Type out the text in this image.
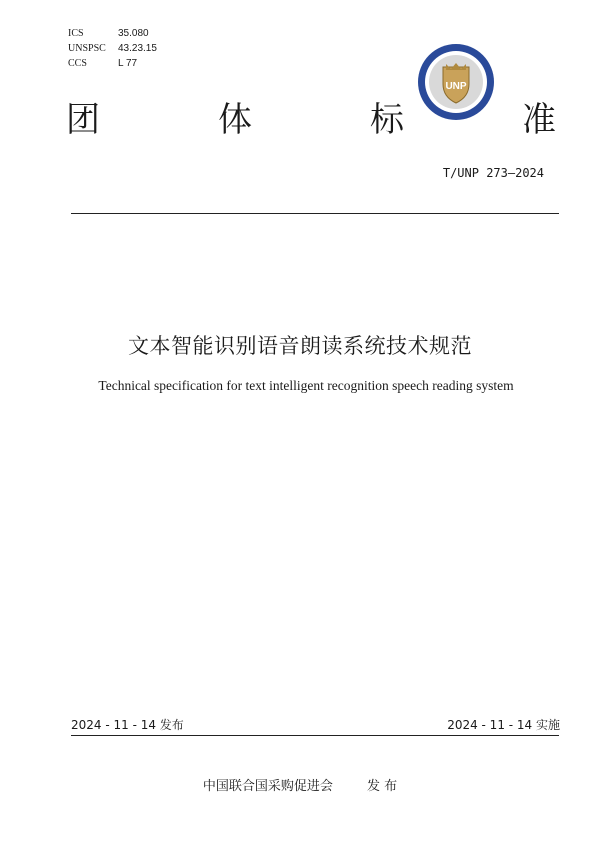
ICS	35.080
UNSPSC	43.23.15
CCS	L 77
UNP
团	体	标	准
T/UNP 273—2024
文本智能识别语音朗读系统技术规范
Technical specification for text intelligent recognition speech reading system
2024 - 11 - 14 发布	2024 - 11 - 14 实施
中国联合国采购促进会	发 布
